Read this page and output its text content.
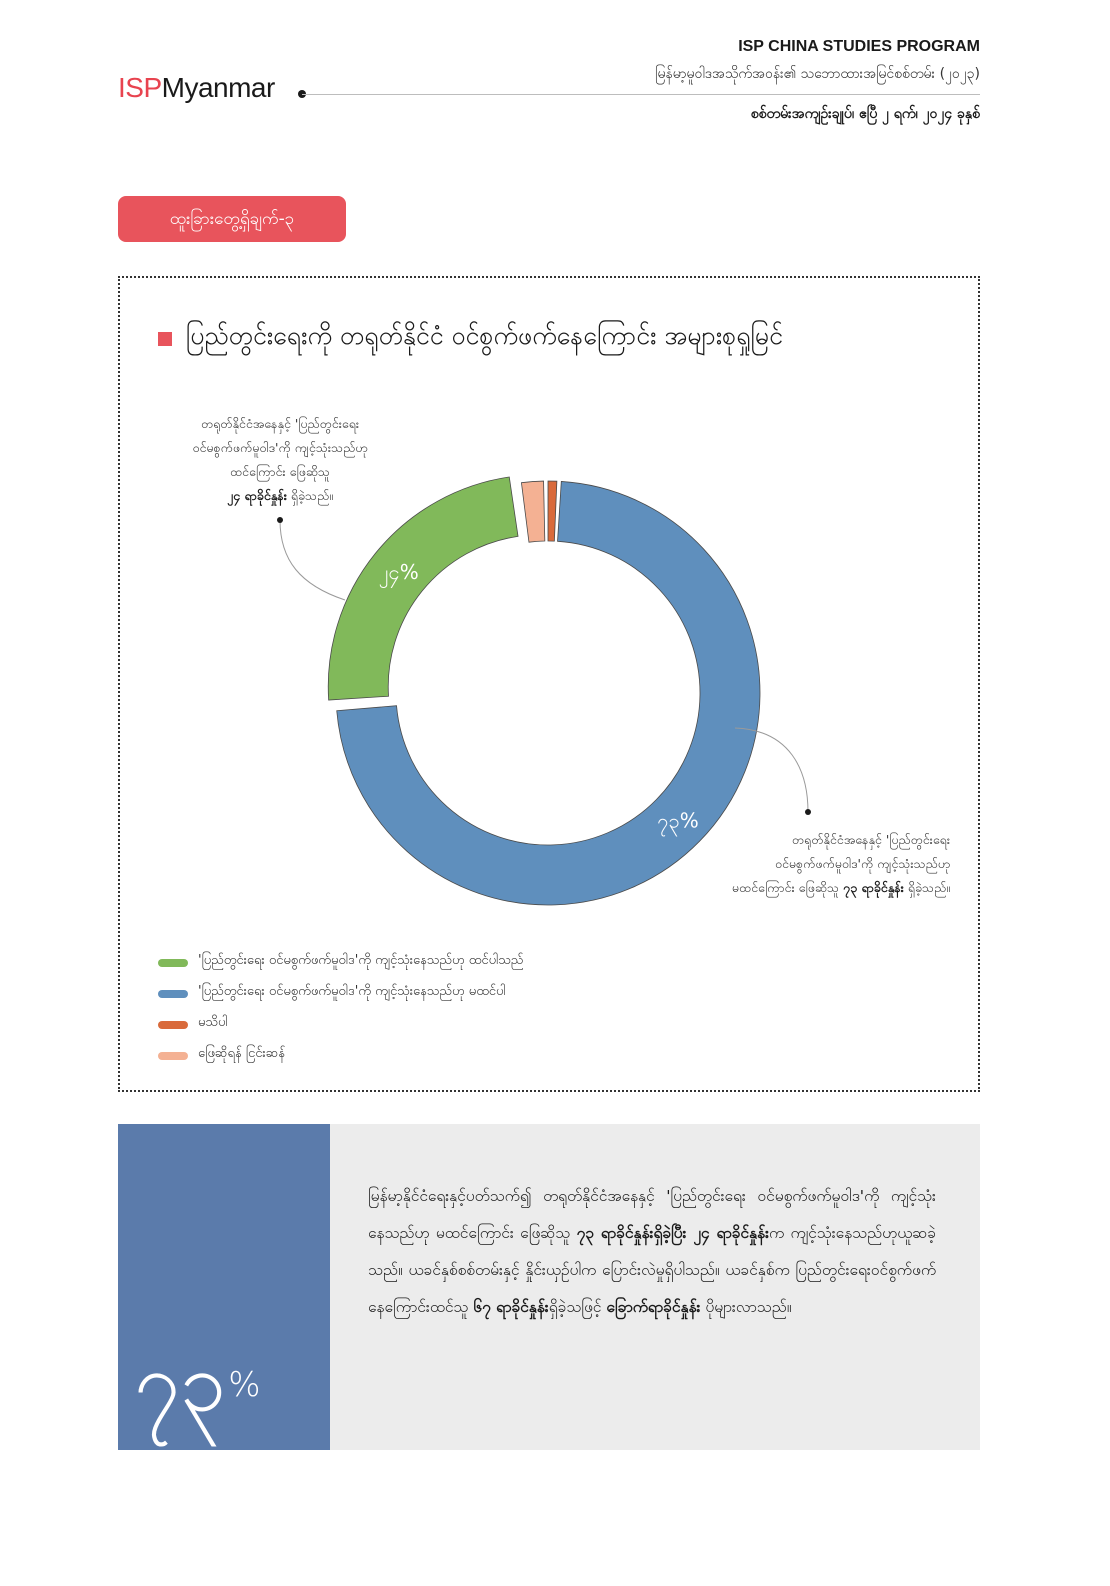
ISPMyanmar
ISP CHINA STUDIES PROGRAM
မြန်မာ့မူဝါဒအသိုက်အဝန်း၏ သဘောထားအမြင်စစ်တမ်း (၂၀၂၃)
စစ်တမ်းအကျဉ်းချုပ်၊ ဧပြီ ၂ ရက်၊ ၂၀၂၄ ခုနှစ်
ထူးခြားတွေ့ရှိချက်-၃
ပြည်တွင်းရေးကို တရုတ်နိုင်ငံ ဝင်စွက်ဖက်နေကြောင်း အများစုရှုမြင်
၇၃%
၂၄%
တရုတ်နိုင်ငံအနေနှင့် 'ပြည်တွင်းရေး
ဝင်မစွက်ဖက်မူဝါဒ'ကို ကျင့်သုံးသည်ဟု
ထင်ကြောင်း ဖြေဆိုသူ
၂၄ ရာခိုင်နှုန်း ရှိခဲ့သည်။
တရုတ်နိုင်ငံအနေနှင့် 'ပြည်တွင်းရေး
ဝင်မစွက်ဖက်မူဝါဒ'ကို ကျင့်သုံးသည်ဟု
မထင်ကြောင်း ဖြေဆိုသူ ၇၃ ရာခိုင်နှုန်း ရှိခဲ့သည်။
'ပြည်တွင်းရေး ဝင်မစွက်ဖက်မူဝါဒ'ကို ကျင့်သုံးနေသည်ဟု ထင်ပါသည်
'ပြည်တွင်းရေး ဝင်မစွက်ဖက်မူဝါဒ'ကို ကျင့်သုံးနေသည်ဟု မထင်ပါ
မသိပါ
ဖြေဆိုရန် ငြင်းဆန်
၇၃%
မြန်မာ့နိုင်ငံရေးနှင့်ပတ်သက်၍ တရုတ်နိုင်ငံအနေနှင့် 'ပြည်တွင်းရေး ဝင်မစွက်ဖက်မူဝါဒ'ကို ကျင့်သုံးနေသည်ဟု မထင်ကြောင်း ဖြေဆိုသူ ၇၃ ရာခိုင်နှုန်းရှိခဲ့ပြီး ၂၄ ရာခိုင်နှုန်းက ကျင့်သုံးနေသည်ဟုယူဆခဲ့သည်။ ယခင်နှစ်စစ်တမ်းနှင့် နှိုင်းယှဉ်ပါက ပြောင်းလဲမှုရှိပါသည်။ ယခင်နှစ်က ပြည်တွင်းရေးဝင်စွက်ဖက်နေကြောင်းထင်သူ ၆၇ ရာခိုင်နှုန်းရှိခဲ့သဖြင့် ခြောက်ရာခိုင်နှုန်း ပိုများလာသည်။
